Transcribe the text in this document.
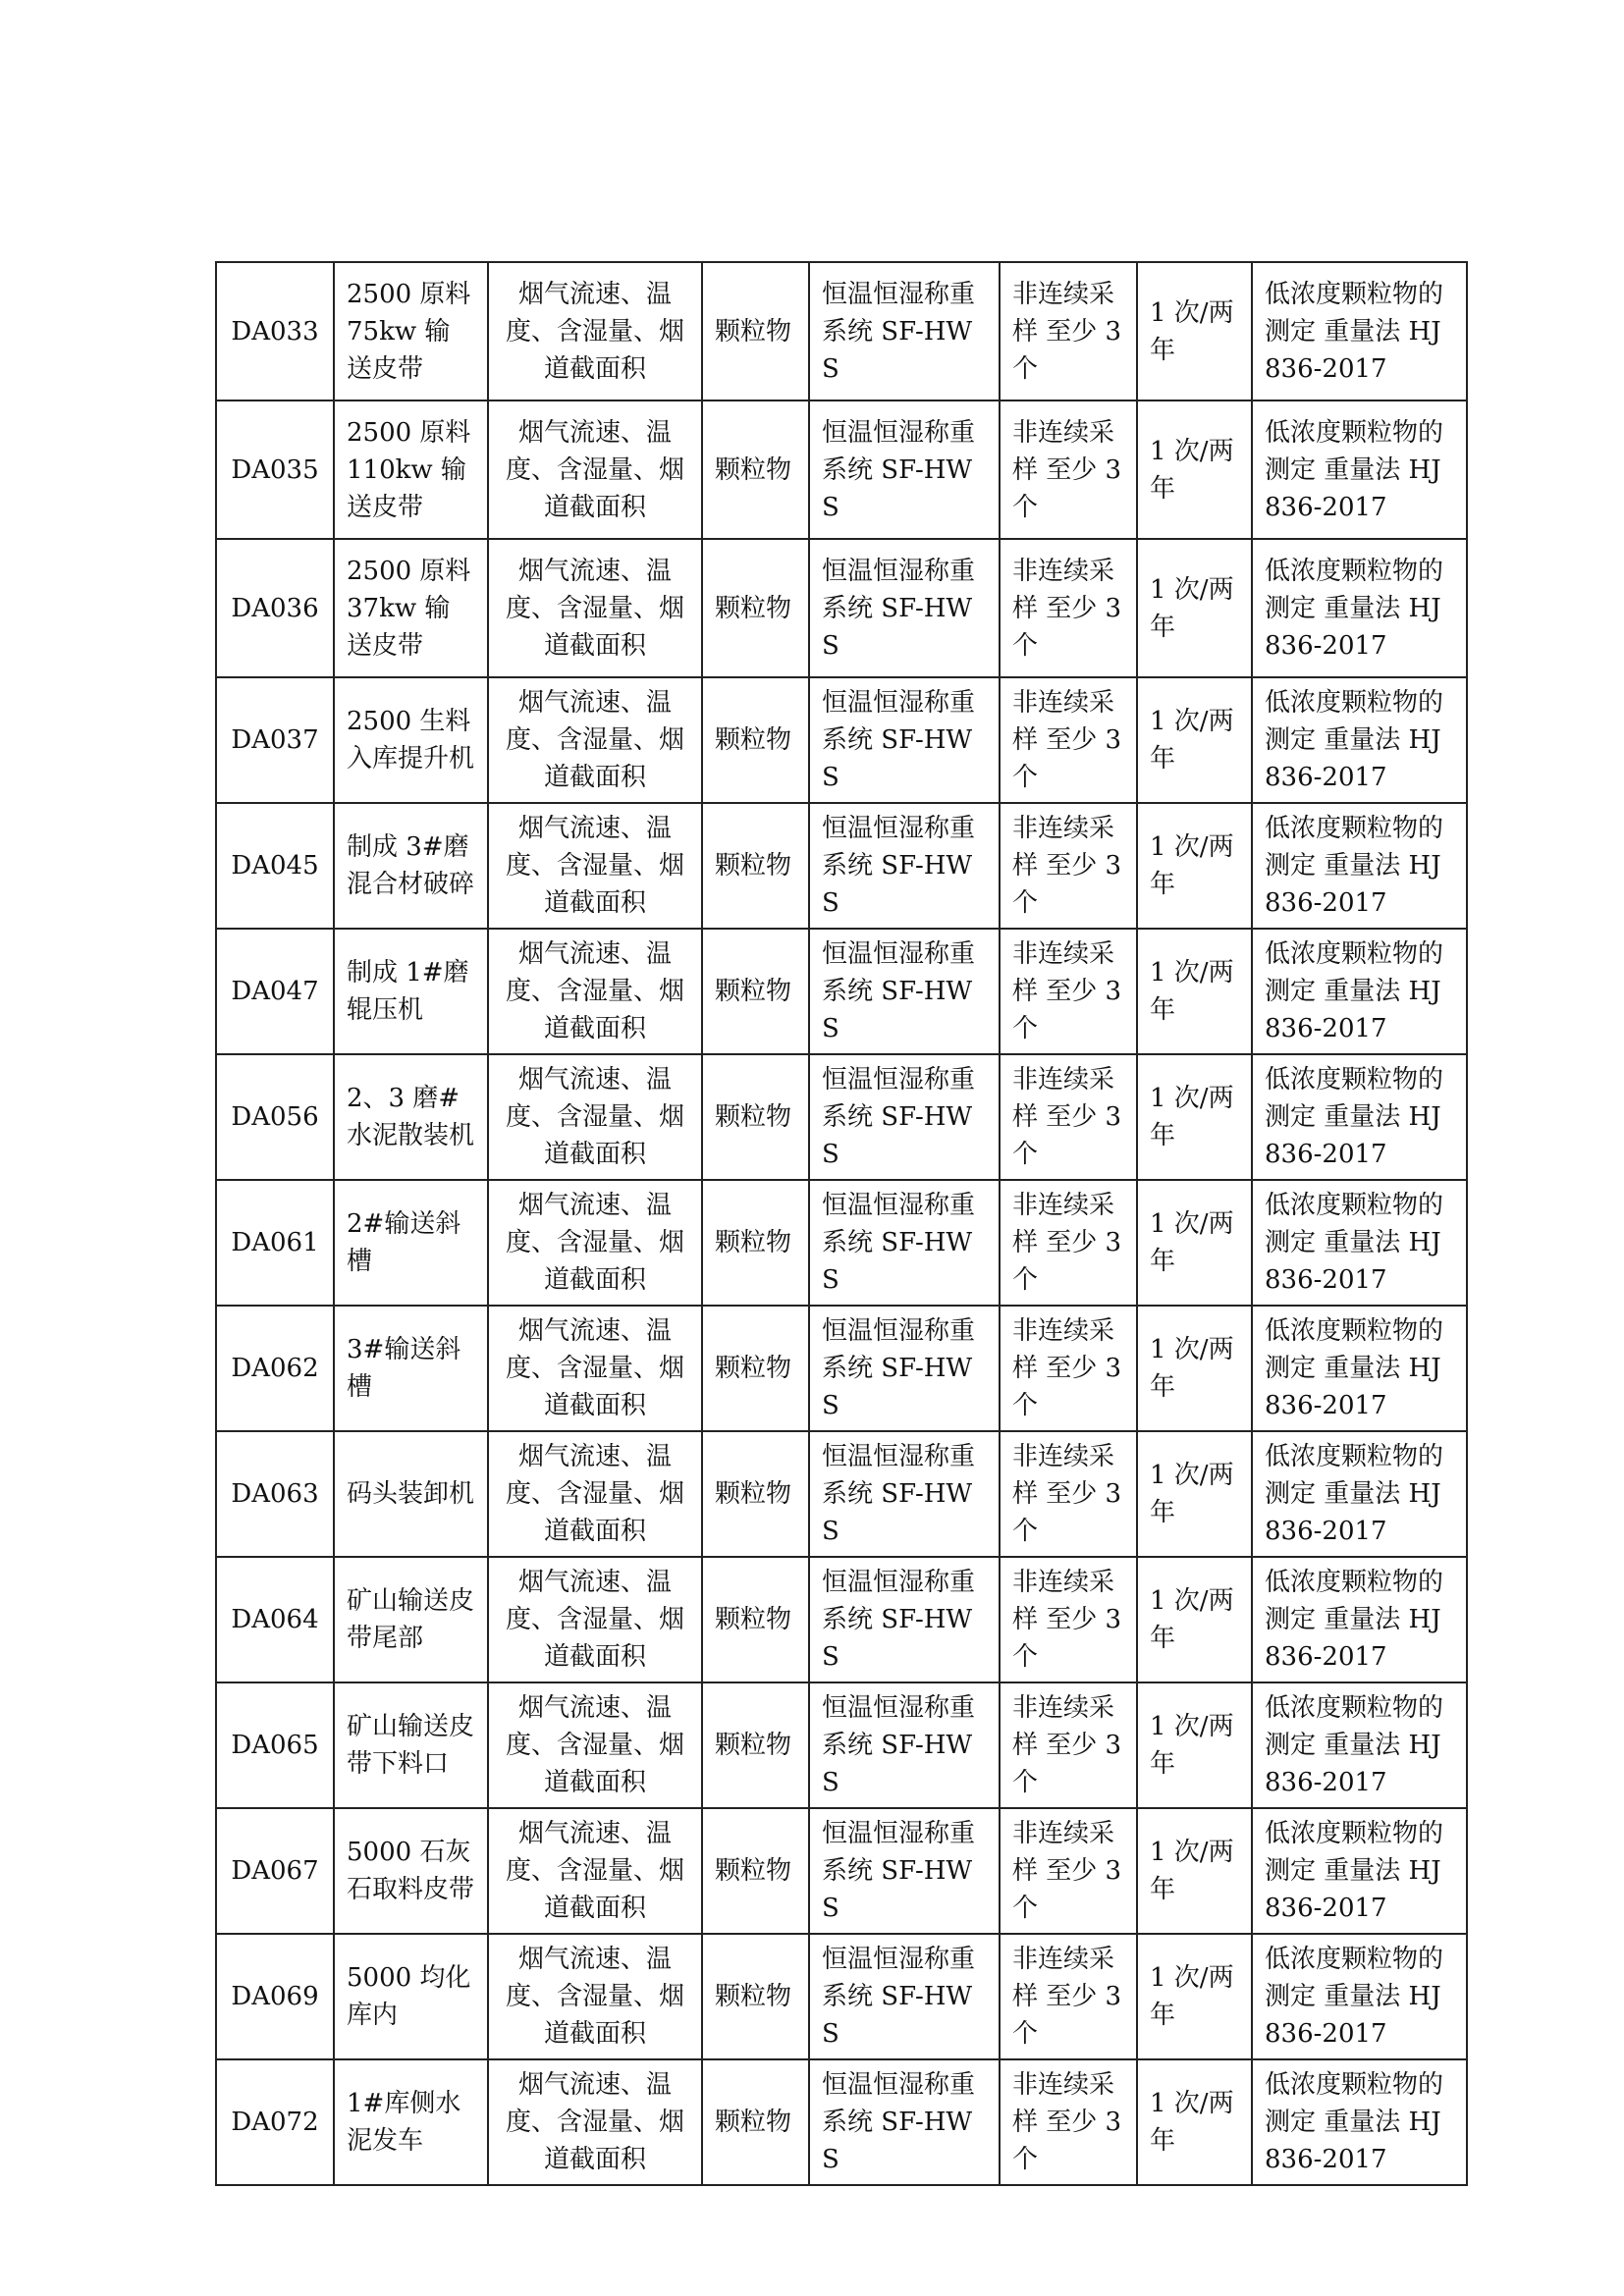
DA033	2500 原料 75kw 输送皮带	烟气流速、温度、含湿量、烟道截面积	颗粒物	恒温恒湿称重系统 SF-HWS	非连续采样 至少 3 个	1 次/两年	低浓度颗粒物的测定 重量法 HJ836-2017
DA035	2500 原料 110kw 输送皮带	烟气流速、温度、含湿量、烟道截面积	颗粒物	恒温恒湿称重系统 SF-HWS	非连续采样 至少 3 个	1 次/两年	低浓度颗粒物的测定 重量法 HJ836-2017
DA036	2500 原料 37kw 输送皮带	烟气流速、温度、含湿量、烟道截面积	颗粒物	恒温恒湿称重系统 SF-HWS	非连续采样 至少 3 个	1 次/两年	低浓度颗粒物的测定 重量法 HJ836-2017
DA037	2500 生料入库提升机	烟气流速、温度、含湿量、烟道截面积	颗粒物	恒温恒湿称重系统 SF-HWS	非连续采样 至少 3 个	1 次/两年	低浓度颗粒物的测定 重量法 HJ836-2017
DA045	制成 3#磨混合材破碎	烟气流速、温度、含湿量、烟道截面积	颗粒物	恒温恒湿称重系统 SF-HWS	非连续采样 至少 3 个	1 次/两年	低浓度颗粒物的测定 重量法 HJ836-2017
DA047	制成 1#磨辊压机	烟气流速、温度、含湿量、烟道截面积	颗粒物	恒温恒湿称重系统 SF-HWS	非连续采样 至少 3 个	1 次/两年	低浓度颗粒物的测定 重量法 HJ836-2017
DA056	2、3 磨#水泥散装机	烟气流速、温度、含湿量、烟道截面积	颗粒物	恒温恒湿称重系统 SF-HWS	非连续采样 至少 3 个	1 次/两年	低浓度颗粒物的测定 重量法 HJ836-2017
DA061	2#输送斜槽	烟气流速、温度、含湿量、烟道截面积	颗粒物	恒温恒湿称重系统 SF-HWS	非连续采样 至少 3 个	1 次/两年	低浓度颗粒物的测定 重量法 HJ836-2017
DA062	3#输送斜槽	烟气流速、温度、含湿量、烟道截面积	颗粒物	恒温恒湿称重系统 SF-HWS	非连续采样 至少 3 个	1 次/两年	低浓度颗粒物的测定 重量法 HJ836-2017
DA063	码头装卸机	烟气流速、温度、含湿量、烟道截面积	颗粒物	恒温恒湿称重系统 SF-HWS	非连续采样 至少 3 个	1 次/两年	低浓度颗粒物的测定 重量法 HJ836-2017
DA064	矿山输送皮带尾部	烟气流速、温度、含湿量、烟道截面积	颗粒物	恒温恒湿称重系统 SF-HWS	非连续采样 至少 3 个	1 次/两年	低浓度颗粒物的测定 重量法 HJ836-2017
DA065	矿山输送皮带下料口	烟气流速、温度、含湿量、烟道截面积	颗粒物	恒温恒湿称重系统 SF-HWS	非连续采样 至少 3 个	1 次/两年	低浓度颗粒物的测定 重量法 HJ836-2017
DA067	5000 石灰石取料皮带	烟气流速、温度、含湿量、烟道截面积	颗粒物	恒温恒湿称重系统 SF-HWS	非连续采样 至少 3 个	1 次/两年	低浓度颗粒物的测定 重量法 HJ836-2017
DA069	5000 均化库内	烟气流速、温度、含湿量、烟道截面积	颗粒物	恒温恒湿称重系统 SF-HWS	非连续采样 至少 3 个	1 次/两年	低浓度颗粒物的测定 重量法 HJ836-2017
DA072	1#库侧水泥发车	烟气流速、温度、含湿量、烟道截面积	颗粒物	恒温恒湿称重系统 SF-HWS	非连续采样 至少 3 个	1 次/两年	低浓度颗粒物的测定 重量法 HJ836-2017
